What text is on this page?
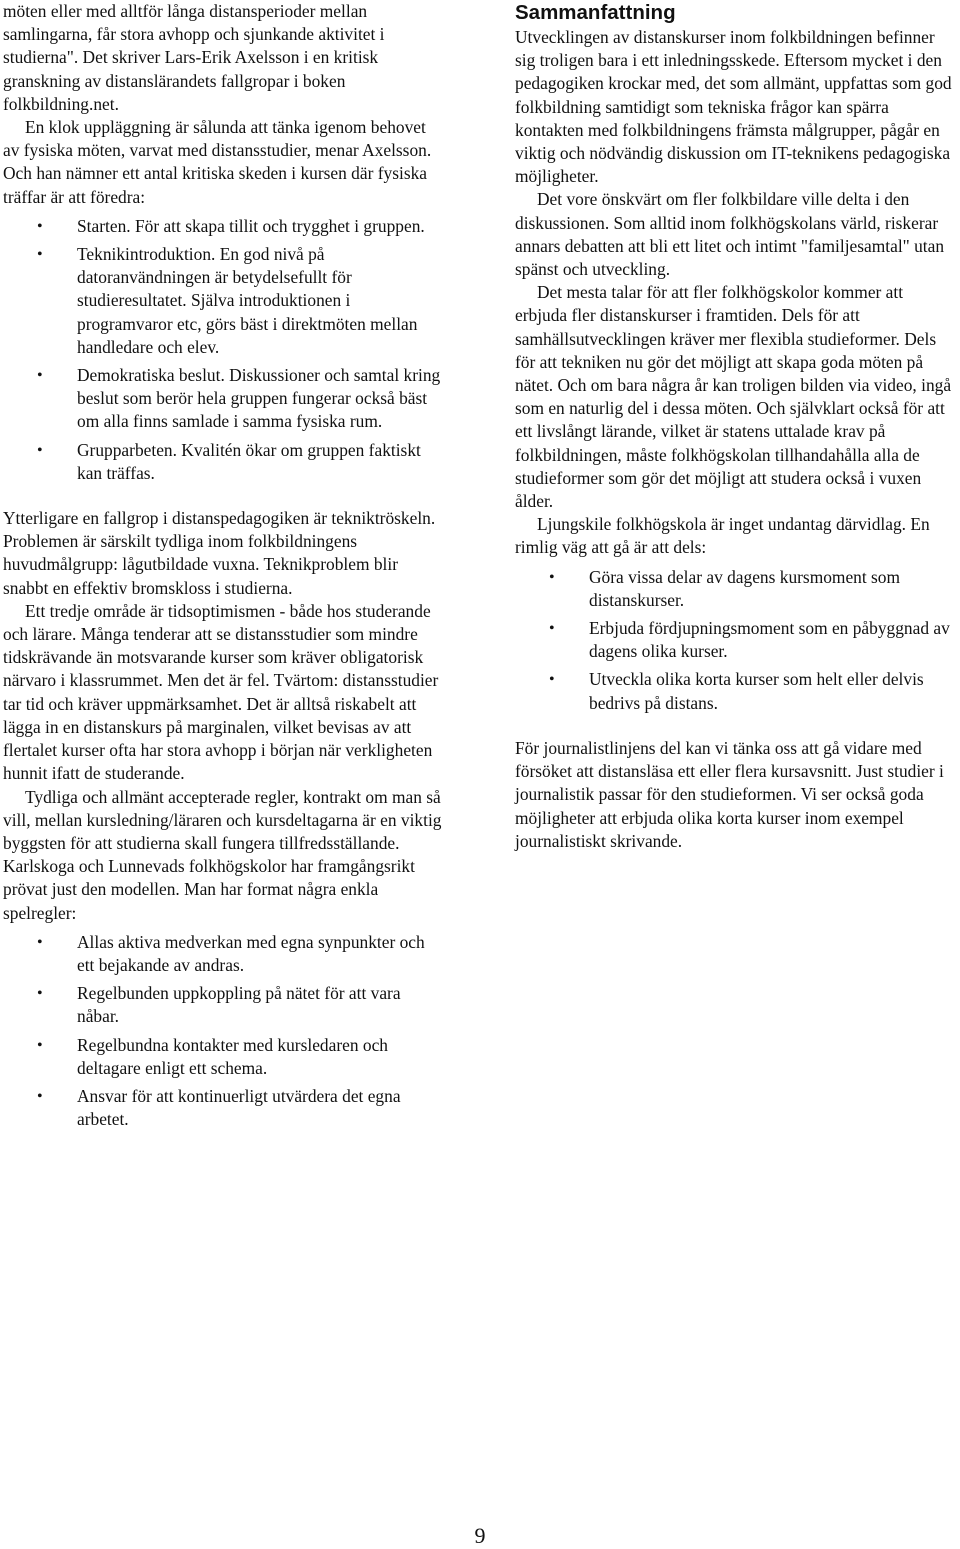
möten eller med alltför långa distansperioder mellan samlingarna, får stora avhopp och sjunkande aktivitet i studierna". Det skriver Lars-Erik Axelsson i en kritisk granskning av distanslärandets fallgropar i boken folkbildning.net.

En klok uppläggning är sålunda att tänka igenom behovet av fysiska möten, varvat med distansstudier, menar Axelsson. Och han nämner ett antal kritiska skeden i kursen där fysiska träffar är att föredra:

• Starten. För att skapa tillit och trygghet i gruppen.
• Teknikintroduktion. En god nivå på datoranvändningen är betydelsefullt för studieresultatet. Själva introduktionen i programvaror etc, görs bäst i direktmöten mellan handledare och elev.
• Demokratiska beslut. Diskussioner och samtal kring beslut som berör hela gruppen fungerar också bäst om alla finns samlade i samma fysiska rum.
• Grupparbeten. Kvalitén ökar om gruppen faktiskt kan träffas.

Ytterligare en fallgrop i distanspedagogiken är tekniktröskeln. Problemen är särskilt tydliga inom folkbildningens huvudmålgrupp: lågutbildade vuxna. Teknikproblem blir snabbt en effektiv bromskloss i studierna.

Ett tredje område är tidsoptimismen - både hos studerande och lärare. Många tenderar att se distansstudier som mindre tidskrävande än motsvarande kurser som kräver obligatorisk närvaro i klassrummet. Men det är fel. Tvärtom: distansstudier tar tid och kräver uppmärksamhet. Det är alltså riskabelt att lägga in en distanskurs på marginalen, vilket bevisas av att flertalet kurser ofta har stora avhopp i början när verkligheten hunnit ifatt de studerande.

Tydliga och allmänt accepterade regler, kontrakt om man så vill, mellan kursledning/läraren och kursdeltagarna är en viktig byggsten för att studierna skall fungera tillfredsställande. Karlskoga och Lunnevads folkhögskolor har framgångsrikt prövat just den modellen. Man har format några enkla spelregler:

• Allas aktiva medverkan med egna synpunkter och ett bejakande av andras.
• Regelbunden uppkoppling på nätet för att vara nåbar.
• Regelbundna kontakter med kursledaren och deltagare enligt ett schema.
• Ansvar för att kontinuerligt utvärdera det egna arbetet.
Sammanfattning

Utvecklingen av distanskurser inom folkbildningen befinner sig troligen bara i ett inledningsskede. Eftersom mycket i den pedagogiken krockar med, det som allmänt, uppfattas som god folkbildning samtidigt som tekniska frågor kan spärra kontakten med folkbildningens främsta målgrupper, pågår en viktig och nödvändig diskussion om IT-teknikens pedagogiska möjligheter.

Det vore önskvärt om fler folkbildare ville delta i den diskussionen. Som alltid inom folkhögskolans värld, riskerar annars debatten att bli ett litet och intimt "familjesamtal" utan spänst och utveckling.

Det mesta talar för att fler folkhögskolor kommer att erbjuda fler distanskurser i framtiden. Dels för att samhällsutvecklingen kräver mer flexibla studieformer. Dels för att tekniken nu gör det möjligt att skapa goda möten på nätet. Och om bara några år kan troligen bilden via video, ingå som en naturlig del i dessa möten. Och självklart också för att ett livslångt lärande, vilket är statens uttalade krav på folkbildningen, måste folkhögskolan tillhandahålla alla de studieformer som gör det möjligt att studera också i vuxen ålder.

Ljungskile folkhögskola är inget undantag därvidlag. En rimlig väg att gå är att dels:

• Göra vissa delar av dagens kursmoment som distanskurser.
• Erbjuda fördjupningsmoment som en påbyggnad av dagens olika kurser.
• Utveckla olika korta kurser som helt eller delvis bedrivs på distans.

För journalistlinjens del kan vi tänka oss att gå vidare med försöket att distansläsa ett eller flera kursavsnitt. Just studier i journalistik passar för den studieformen. Vi ser också goda möjligheter att erbjuda olika korta kurser inom exempel journalistiskt skrivande.

9
